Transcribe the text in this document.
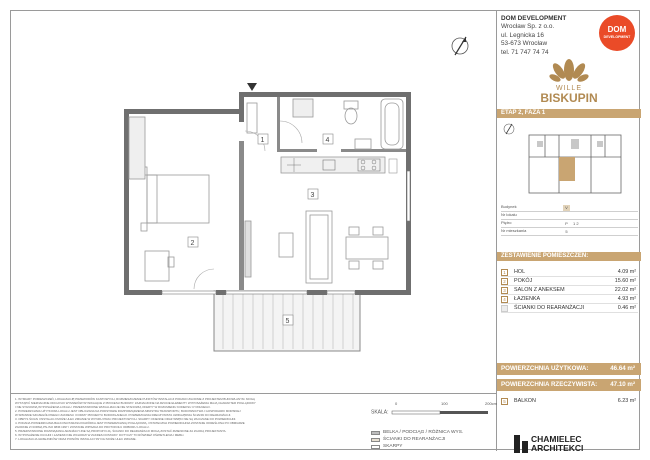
1
2
3
4
5
DOM DEVELOPMENT
Wrocław Sp. z o.o.
ul. Legnicka 16
53-673 Wrocław
tel. 71 747 74 74
DOM
DEVELOPMENT
WILLE
BISKUPIN
ETAP 2, FAZA 1
Budynek	V
Nr lokalu
Piętro	P	1 2
Nr mieszkania	5
ZESTAWIENIE POMIESZCZEŃ:
1	HOL	4.09 m²
2	POKÓJ	15.60 m²
3	SALON Z ANEKSEM	22.02 m²
4	ŁAZIENKA	4.93 m²
ŚCIANKI DO REARANŻACJI	0.46 m²
POWIERZCHNIA UŻYTKOWA:	46.64 m²
POWIERZCHNIA RZECZYWISTA: 47.10 m²
5	BALKON	6.23 m²
1. WYMIARY POMIESZCZEŃ, LOKALIZACJĘ PRZEWODÓW KANTOWYCH, ROZMIESZCZENIE PUNKTÓW INSTALACJI PODANO ZGODNIE Z PROJEKTEM BUDOWLANYM. MOGĄ
WYSTĄPIĆ NIEZNACZNE ODCHYŁKI WYMIARÓW WYNIKAJĄCE Z PROCESU BUDOWY. ZAZNACZONE NA RZUCIE ELEMENTY WYPOSAŻENIA MAJĄ CHARAKTER POGLĄDOWY
I NIE STANOWIĄ WYPOSAŻENIA LOKALU. PRZEDSTAWIONE WIZUALIZACJE NIE STANOWIĄ OFERTY W ROZUMIENIU KODEKSU CYWILNEGO.
2. POWIERZCHNIA UŻYTKOWA LOKALU JEST OBLICZANA NA PODSTAWIE ROZPORZĄDZENIA MINISTRA TRANSPORTU, BUDOWNICTWA I GOSPODARKI MORSKIEJ
W SPRAWIE SZCZEGÓŁOWEGO ZAKRESU I FORMY PROJEKTU BUDOWLANEGO. POWIERZCHNIA RZECZYWISTA UWZGLĘDNIA ŚCIANKI DO REARANŻACJI.
3. OBRYS ŚCIAN I INSTALACJI MOŻE ULEC ZMIANIE W WYNIKU PRAC PROJEKTOWYCH. SKARPY OKIENNE ORAZ WNĘKI NIE SĄ WLICZANE DO POWIERZCHNI.
4. PODANA POWIERZCHNIA BALKONU/TARASU/OGRÓDKA JEST POWIERZCHNIĄ POGLĄDOWĄ. OSTATECZNA POWIERZCHNIA ZOSTANIE OKREŚLONA PO OBMIARZE
ZGODNIE Z NORMĄ PN-ISO 9836:1997 I ZOSTANIE WPISANA DO PROTOKOŁU ODBIORU LOKALU.
5. PRZEDSTAWIONE ROZWIĄZANIA ARANŻACYJNE SĄ PROPOZYCJĄ. ŚCIANKI DO REARANŻACJI MOGĄ ZOSTAĆ ZMIENIONE ZA ZGODĄ PROJEKTANTA.
6. WYPOSAŻENIE KUCHNI I ŁAZIENKI NIE WCHODZI W ZAKRES DOSTAWY. DOTYCZY TO RÓWNIEŻ OŚWIETLENIA I MEBLI.
7. LOKALIZACJA GRZEJNIKÓW ORAZ PIONÓW INSTALACYJNYCH MOŻE ULEC ZMIANIE.
SKALA:
0	100	200cm
BELKA / PODCIĄG / RÓŻNICA WYS.
ŚCIANKI DO REARANŻACJI
SKARPY
CHAMIELEC
ARCHITEKCI
